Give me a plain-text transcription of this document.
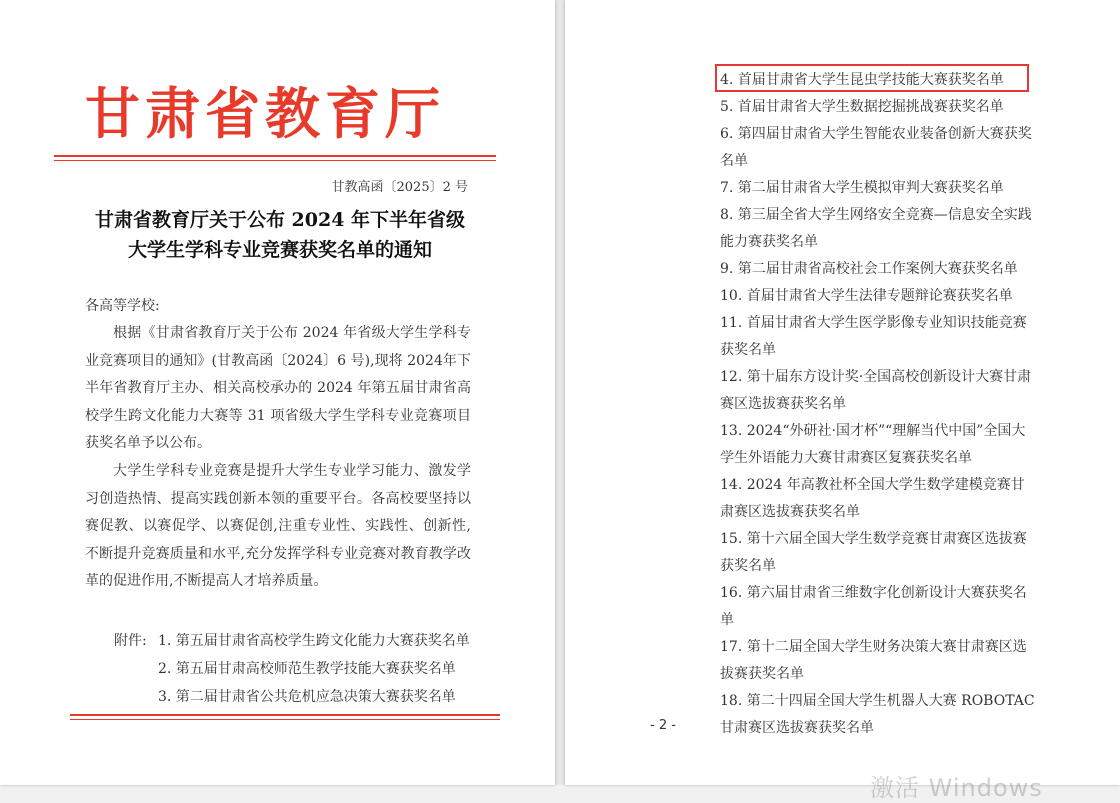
甘肃省教育厅
甘教高函〔2025〕2 号
甘肃省教育厅关于公布 2024 年下半年省级
大学生学科专业竞赛获奖名单的通知
各高等学校:
根据《甘肃省教育厅关于公布 2024 年省级大学生学科专业竞赛项目的通知》(甘教高函〔2024〕6 号),现将 2024年下半年省教育厅主办、相关高校承办的 2024 年第五届甘肃省高校学生跨文化能力大赛等 31 项省级大学生学科专业竞赛项目获奖名单予以公布。
大学生学科专业竞赛是提升大学生专业学习能力、激发学习创造热情、提高实践创新本领的重要平台。各高校要坚持以赛促教、以赛促学、以赛促创,注重专业性、实践性、创新性,不断提升竞赛质量和水平,充分发挥学科专业竞赛对教育教学改革的促进作用,不断提高人才培养质量。
附件: 1. 第五届甘肃省高校学生跨文化能力大赛获奖名单
2. 第五届甘肃高校师范生教学技能大赛获奖名单
3. 第二届甘肃省公共危机应急决策大赛获奖名单
4. 首届甘肃省大学生昆虫学技能大赛获奖名单
5. 首届甘肃省大学生数据挖掘挑战赛获奖名单
6. 第四届甘肃省大学生智能农业装备创新大赛获奖名单
7. 第二届甘肃省大学生模拟审判大赛获奖名单
8. 第三届全省大学生网络安全竞赛—信息安全实践能力赛获奖名单
9. 第二届甘肃省高校社会工作案例大赛获奖名单
10. 首届甘肃省大学生法律专题辩论赛获奖名单
11. 首届甘肃省大学生医学影像专业知识技能竞赛获奖名单
12. 第十届东方设计奖·全国高校创新设计大赛甘肃赛区选拔赛获奖名单
13. 2024“外研社·国才杯”“理解当代中国”全国大学生外语能力大赛甘肃赛区复赛获奖名单
14. 2024 年高教社杯全国大学生数学建模竞赛甘肃赛区选拔赛获奖名单
15. 第十六届全国大学生数学竞赛甘肃赛区选拔赛获奖名单
16. 第六届甘肃省三维数字化创新设计大赛获奖名单
17. 第十二届全国大学生财务决策大赛甘肃赛区选拔赛获奖名单
18. 第二十四届全国大学生机器人大赛 ROBOTAC 甘肃赛区选拔赛获奖名单
- 2 -
激活 Windows
